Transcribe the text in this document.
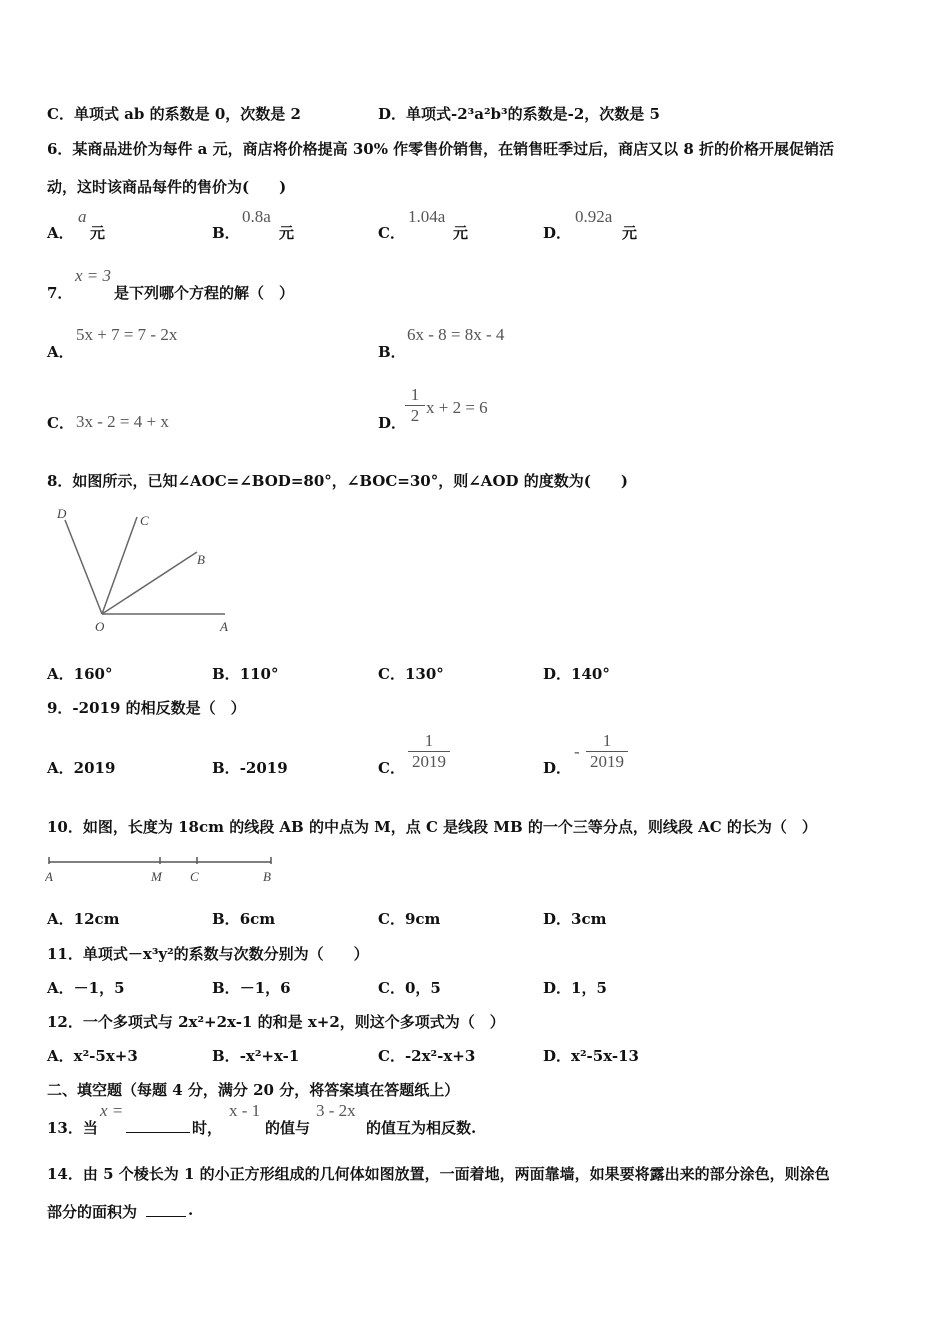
C．单项式 ab 的系数是 0，次数是 2	D．单项式-2³a²b³的系数是-2，次数是 5
6．某商品进价为每件 a 元，商店将价格提高 30% 作零售价销售，在销售旺季过后，商店又以 8 折的价格开展促销活
动，这时该商品每件的售价为(　　)
A．
a
元	B．
0.8a
元	C．
1.04a
元	D．
0.92a
元
7．
x = 3
是下列哪个方程的解（　）
A．
5x + 7 = 7 - 2x
B．
6x - 8 = 8x - 4
C． 3x - 2 = 4 + x	D．
$\frac{1}{2}$ x + 2 = 6
8．如图所示，已知∠AOC=∠BOD=80°，∠BOC=30°，则∠AOD 的度数为(　　)
D	C
B
O	A
A．160°	B．110°	C．130°	D．140°
9．-2019 的相反数是（　）
A．2019	B．-2019	C． $\frac{1}{2019}$	D．
- $\frac{1}{2019}$
10．如图，长度为 18cm 的线段 AB 的中点为 M，点 C 是线段 MB 的一个三等分点，则线段 AC 的长为（　）
A	M C	B
A．12cm	B．6cm	C．9cm	D．3cm
11．单项式－x³y²的系数与次数分别为（　　）
A．－1，5	B．－1，6	C．0，5	D．1，5
12．一个多项式与 2x²+2x-1 的和是 x+2，则这个多项式为（　）
A．x²-5x+3	B．-x²+x-1	C．-2x²-x+3	D．x²-5x-13
二、填空题（每题 4 分，满分 20 分，将答案填在答题纸上）
13．当
x =
时，
x - 1
的值与
3 - 2x
的值互为相反数.
14．由 5 个棱长为 1 的小正方形组成的几何体如图放置，一面着地，两面靠墙，如果要将露出来的部分涂色，则涂色
部分的面积为	.
